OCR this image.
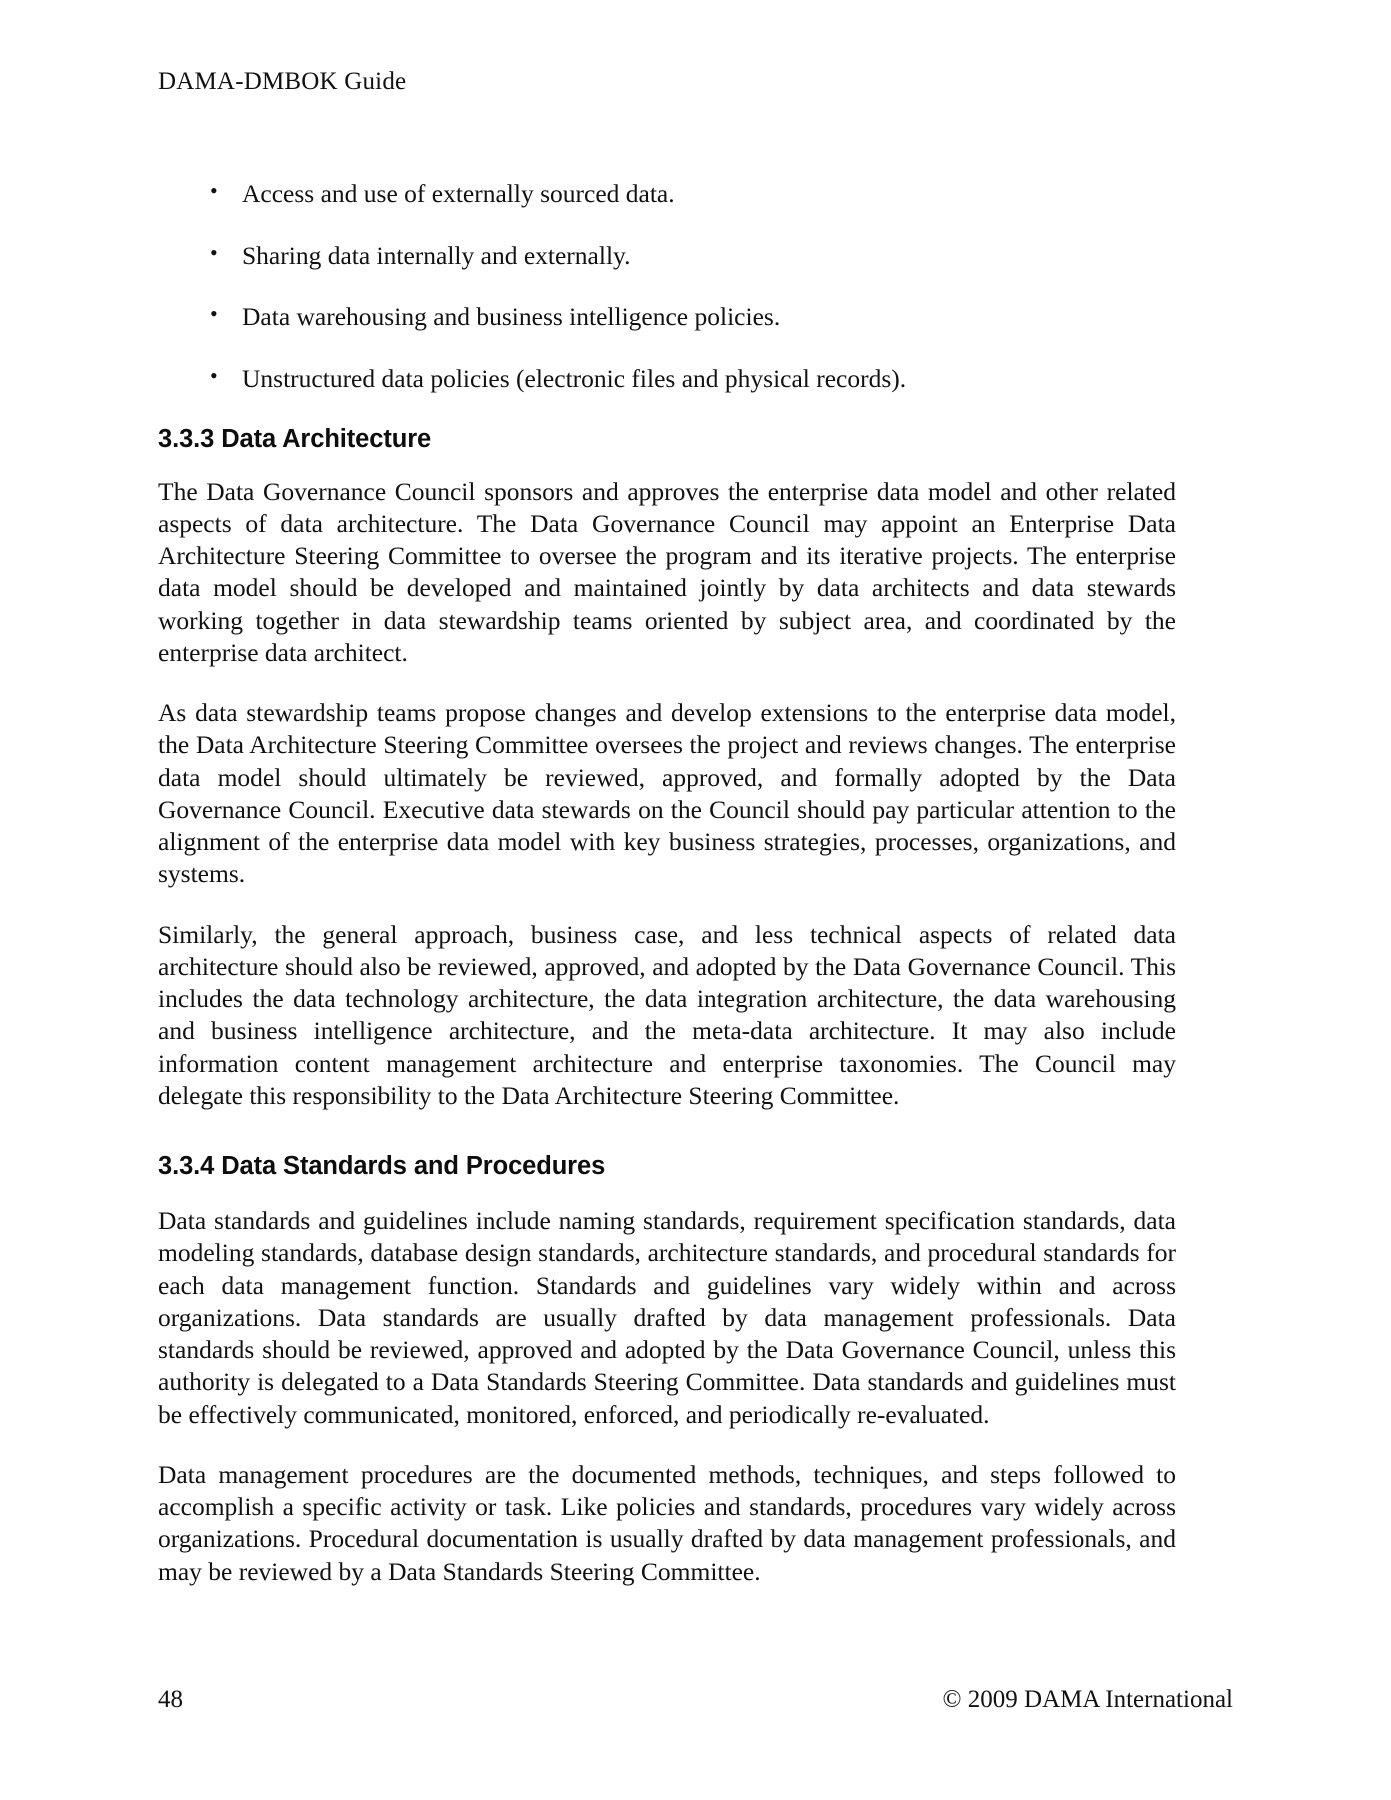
DAMA-DMBOK Guide
• Access and use of externally sourced data.
• Sharing data internally and externally.
• Data warehousing and business intelligence policies.
• Unstructured data policies (electronic files and physical records).
3.3.3 Data Architecture

The Data Governance Council sponsors and approves the enterprise data model and other related aspects of data architecture. The Data Governance Council may appoint an Enterprise Data Architecture Steering Committee to oversee the program and its iterative projects. The enterprise data model should be developed and maintained jointly by data architects and data stewards working together in data stewardship teams oriented by subject area, and coordinated by the enterprise data architect.

As data stewardship teams propose changes and develop extensions to the enterprise data model, the Data Architecture Steering Committee oversees the project and reviews changes. The enterprise data model should ultimately be reviewed, approved, and formally adopted by the Data Governance Council. Executive data stewards on the Council should pay particular attention to the alignment of the enterprise data model with key business strategies, processes, organizations, and systems.

Similarly, the general approach, business case, and less technical aspects of related data architecture should also be reviewed, approved, and adopted by the Data Governance Council. This includes the data technology architecture, the data integration architecture, the data warehousing and business intelligence architecture, and the meta-data architecture. It may also include information content management architecture and enterprise taxonomies. The Council may delegate this responsibility to the Data Architecture Steering Committee.

3.3.4 Data Standards and Procedures

Data standards and guidelines include naming standards, requirement specification standards, data modeling standards, database design standards, architecture standards, and procedural standards for each data management function. Standards and guidelines vary widely within and across organizations. Data standards are usually drafted by data management professionals. Data standards should be reviewed, approved and adopted by the Data Governance Council, unless this authority is delegated to a Data Standards Steering Committee. Data standards and guidelines must be effectively communicated, monitored, enforced, and periodically re-evaluated.

Data management procedures are the documented methods, techniques, and steps followed to accomplish a specific activity or task. Like policies and standards, procedures vary widely across organizations. Procedural documentation is usually drafted by data management professionals, and may be reviewed by a Data Standards Steering Committee.

48	© 2009 DAMA International
